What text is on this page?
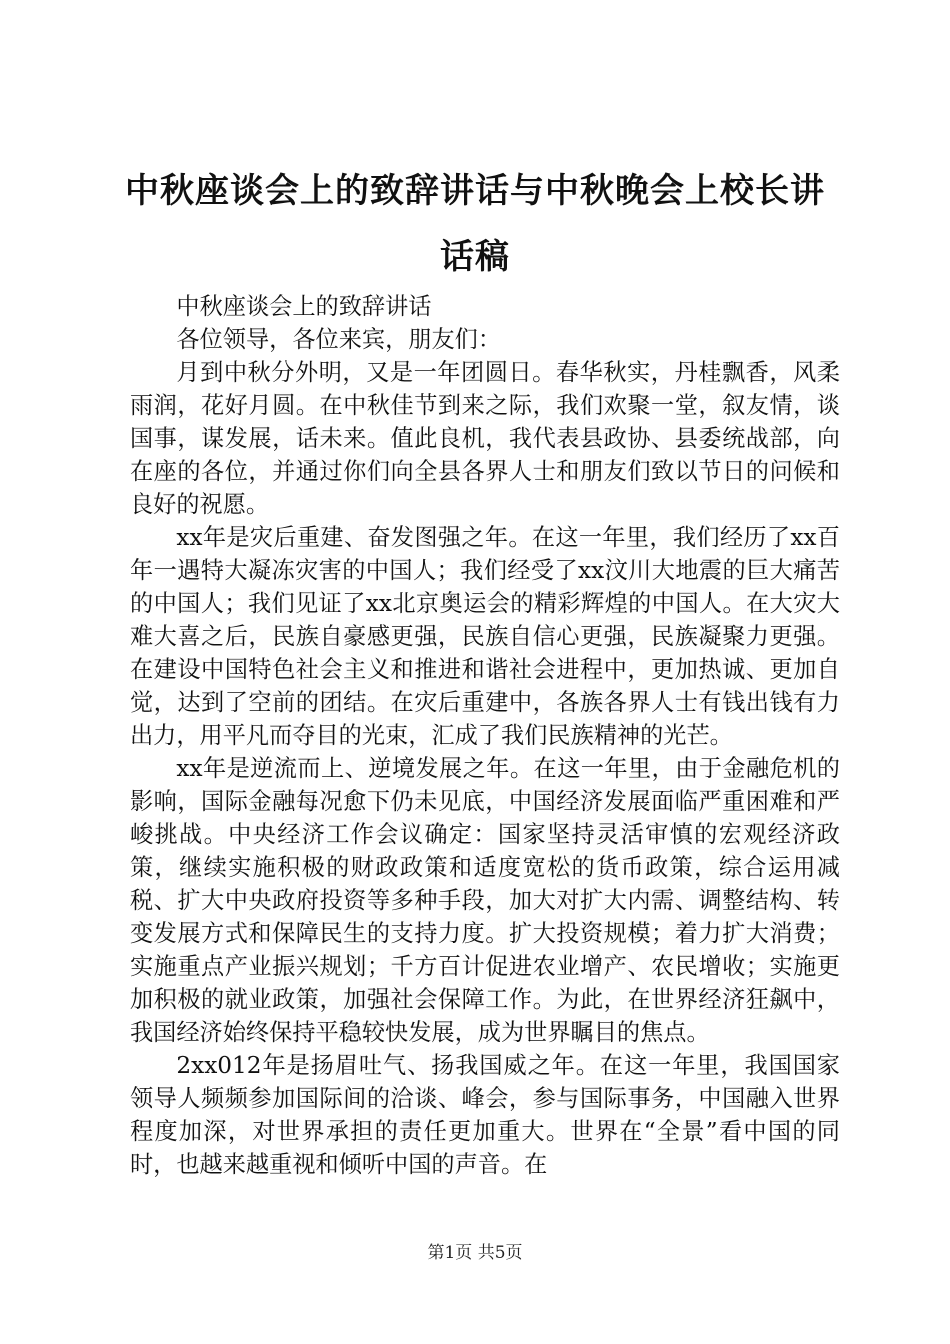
中秋座谈会上的致辞讲话与中秋晚会上校长讲话稿

中秋座谈会上的致辞讲话

各位领导，各位来宾，朋友们：

月到中秋分外明，又是一年团圆日。春华秋实，丹桂飘香，风柔雨润，花好月圆。在中秋佳节到来之际，我们欢聚一堂，叙友情，谈国事，谋发展，话未来。值此良机，我代表县政协、县委统战部，向在座的各位，并通过你们向全县各界人士和朋友们致以节日的问候和良好的祝愿。

xx年是灾后重建、奋发图强之年。在这一年里，我们经历了xx百年一遇特大凝冻灾害的中国人；我们经受了xx汶川大地震的巨大痛苦的中国人；我们见证了xx北京奥运会的精彩辉煌的中国人。在大灾大难大喜之后，民族自豪感更强，民族自信心更强，民族凝聚力更强。在建设中国特色社会主义和推进和谐社会进程中，更加热诚、更加自觉，达到了空前的团结。在灾后重建中，各族各界人士有钱出钱有力出力，用平凡而夺目的光束，汇成了我们民族精神的光芒。

xx年是逆流而上、逆境发展之年。在这一年里，由于金融危机的影响，国际金融每况愈下仍未见底，中国经济发展面临严重困难和严峻挑战。中央经济工作会议确定：国家坚持灵活审慎的宏观经济政策，继续实施积极的财政政策和适度宽松的货币政策，综合运用减税、扩大中央政府投资等多种手段，加大对扩大内需、调整结构、转变发展方式和保障民生的支持力度。扩大投资规模；着力扩大消费；实施重点产业振兴规划；千方百计促进农业增产、农民增收；实施更加积极的就业政策，加强社会保障工作。为此，在世界经济狂飙中，我国经济始终保持平稳较快发展，成为世界瞩目的焦点。

2xx012年是扬眉吐气、扬我国威之年。在这一年里，我国国家领导人频频参加国际间的洽谈、峰会，参与国际事务，中国融入世界程度加深，对世界承担的责任更加重大。世界在“全景”看中国的同时，也越来越重视和倾听中国的声音。在

第1页 共5页
